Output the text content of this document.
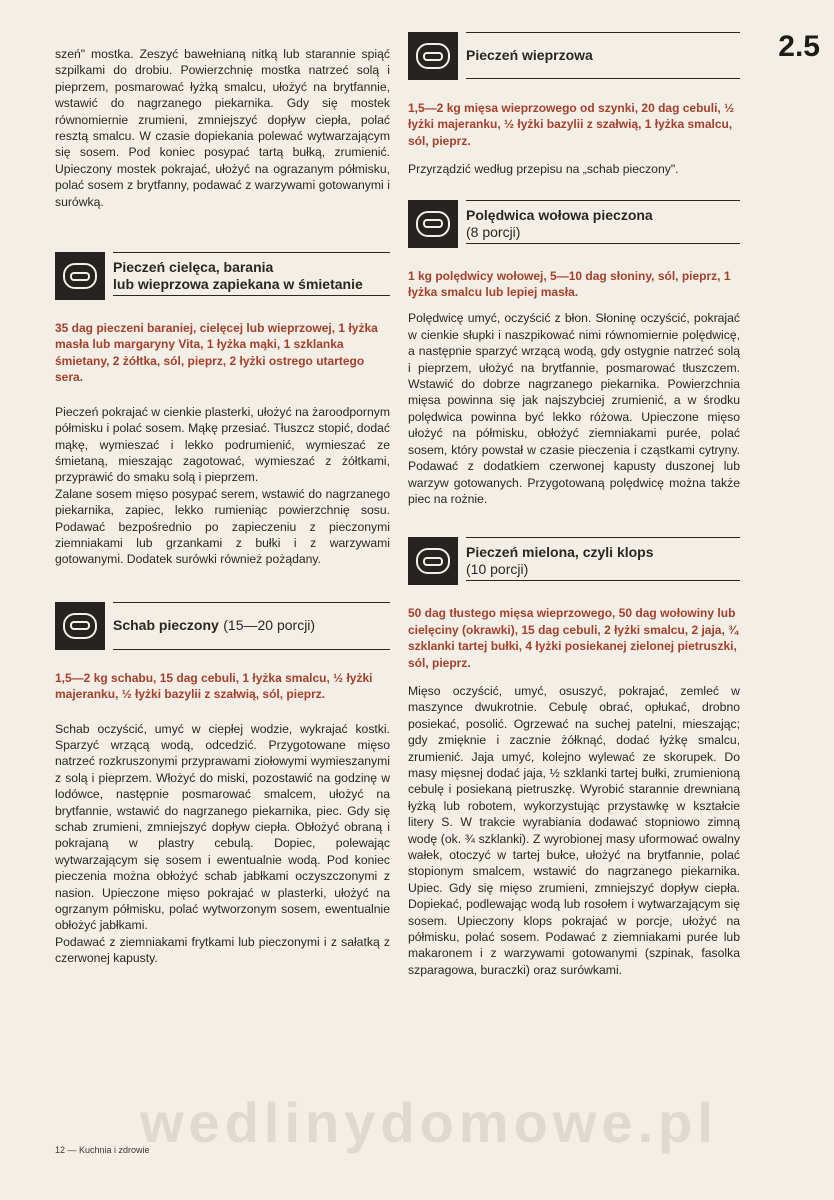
wedlinydomowe.pl
2.5

szeń" mostka. Zeszyć bawełnianą nitką lub starannie spiąć szpilkami do drobiu. Powierzchnię mostka natrzeć solą i pieprzem, posmarować łyżką smalcu, ułożyć na brytfannie, wstawić do nagrzanego piekarnika. Gdy się mostek równomiernie zrumieni, zmniejszyć dopływ ciepła, polać resztą smalcu. W czasie dopiekania polewać wytwarzającym się sosem. Pod koniec posypać tartą bułką, zrumienić. Upieczony mostek pokrajać, ułożyć na ograzanym półmisku, polać sosem z brytfanny, podawać z warzywami gotowanymi i surówką.

Pieczeń cielęca, barania
lub wieprzowa zapiekana w śmietanie

35 dag pieczeni baraniej, cielęcej lub wieprzowej, 1 łyżka masła lub margaryny Vita, 1 łyżka mąki, 1 szklanka śmietany, 2 żółtka, sól, pieprz, 2 łyżki ostrego utartego sera.

Pieczeń pokrajać w cienkie plasterki, ułożyć na żaroodpornym półmisku i polać sosem. Mąkę przesiać. Tłuszcz stopić, dodać mąkę, wymieszać i lekko podrumienić, wymieszać ze śmietaną, mieszając zagotować, wymieszać z żółtkami, przyprawić do smaku solą i pieprzem.

Zalane sosem mięso posypać serem, wstawić do nagrzanego piekarnika, zapiec, lekko rumieniąc powierzchnię sosu. Podawać bezpośrednio po zapieczeniu z pieczonymi ziemniakami lub grzankami z bułki i z warzywami gotowanymi. Dodatek surówki również pożądany.

Schab pieczony (15—20 porcji)

1,5—2 kg schabu, 15 dag cebuli, 1 łyżka smalcu, ½ łyżki majeranku, ½ łyżki bazylii z szałwią, sól, pieprz.

Schab oczyścić, umyć w ciepłej wodzie, wykrajać kostki. Sparzyć wrzącą wodą, odcedzić. Przygotowane mięso natrzeć rozkruszonymi przyprawami ziołowymi wymieszanymi z solą i pieprzem. Włożyć do miski, pozostawić na godzinę w lodówce, następnie posmarować smalcem, ułożyć na brytfannie, wstawić do nagrzanego piekarnika, piec. Gdy się schab zrumieni, zmniejszyć dopływ ciepła. Obłożyć obraną i pokrajaną w plastry cebulą. Dopiec, polewając wytwarzającym się sosem i ewentualnie wodą. Pod koniec pieczenia można obłożyć schab jabłkami oczyszczonymi z nasion. Upieczone mięso pokrajać w plasterki, ułożyć na ogrzanym półmisku, polać wytworzonym sosem, ewentualnie obłożyć jabłkami.

Podawać z ziemniakami frytkami lub pieczonymi i z sałatką z czerwonej kapusty.

Pieczeń wieprzowa

1,5—2 kg mięsa wieprzowego od szynki, 20 dag cebuli, ½ łyżki majeranku, ½ łyżki bazylii z szałwią, 1 łyżka smalcu, sól, pieprz.

Przyrządzić według przepisu na „schab pieczony".

Polędwica wołowa pieczona
(8 porcji)

1 kg polędwicy wołowej, 5—10 dag słoniny, sól, pieprz, 1 łyżka smalcu lub lepiej masła.

Polędwicę umyć, oczyścić z błon. Słoninę oczyścić, pokrajać w cienkie słupki i naszpikować nimi równomiernie polędwicę, a następnie sparzyć wrzącą wodą, gdy ostygnie natrzeć solą i pieprzem, ułożyć na brytfannie, posmarować tłuszczem. Wstawić do dobrze nagrzanego piekarnika. Powierzchnia mięsa powinna się jak najszybciej zrumienić, a w środku polędwica powinna być lekko różowa. Upieczone mięso ułożyć na półmisku, obłożyć ziemniakami purée, polać sosem, który powstał w czasie pieczenia i cząstkami cytryny. Podawać z dodatkiem czerwonej kapusty duszonej lub warzyw gotowanych. Przygotowaną polędwicę można także piec na rożnie.

Pieczeń mielona, czyli klops
(10 porcji)

50 dag tłustego mięsa wieprzowego, 50 dag wołowiny lub cielęciny (okrawki), 15 dag cebuli, 2 łyżki smalcu, 2 jaja, ¾ szklanki tartej bułki, 4 łyżki posiekanej zielonej pietruszki, sól, pieprz.

Mięso oczyścić, umyć, osuszyć, pokrajać, zemleć w maszynce dwukrotnie. Cebulę obrać, opłukać, drobno posiekać, posolić. Ogrzewać na suchej patelni, mieszając; gdy zmięknie i zacznie żółknąć, dodać łyżkę smalcu, zrumienić. Jaja umyć, kolejno wylewać ze skorupek. Do masy mięsnej dodać jaja, ½ szklanki tartej bułki, zrumienioną cebulę i posiekaną pietruszkę. Wyrobić starannie drewnianą łyżką lub robotem, wykorzystując przystawkę w kształcie litery S. W trakcie wyrabiania dodawać stopniowo zimną wodę (ok. ¾ szklanki). Z wyrobionej masy uformować owalny wałek, otoczyć w tartej bułce, ułożyć na brytfannie, polać stopionym smalcem, wstawić do nagrzanego piekarnika. Upiec. Gdy się mięso zrumieni, zmniejszyć dopływ ciepła. Dopiekać, podlewając wodą lub rosołem i wytwarzającym się sosem. Upieczony klops pokrajać w porcje, ułożyć na półmisku, polać sosem. Podawać z ziemniakami purée lub makaronem i z warzywami gotowanymi (szpinak, fasolka szparagowa, buraczki) oraz surówkami.

12 — Kuchnia i zdrowie
